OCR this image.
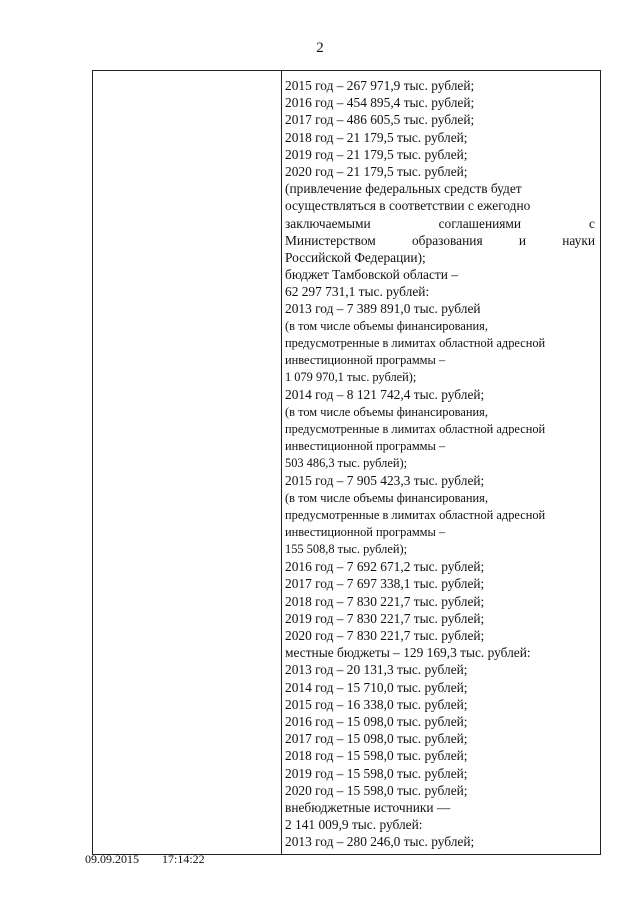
2
2015 год – 267 971,9 тыс. рублей;
2016 год – 454 895,4 тыс. рублей;
2017 год – 486 605,5 тыс. рублей;
2018 год – 21 179,5 тыс. рублей;
2019 год – 21 179,5 тыс. рублей;
2020 год – 21 179,5 тыс. рублей;
(привлечение федеральных средств будет
осуществляться в соответствии с ежегодно
заключаемыми	соглашениями	с
Министерством	образования	и	науки
Российской Федерации);
бюджет Тамбовской области –
62 297 731,1 тыс. рублей:
2013 год – 7 389 891,0 тыс. рублей
(в том числе объемы финансирования,
предусмотренные в лимитах областной адресной
инвестиционной программы –
1 079 970,1 тыс. рублей);
2014 год – 8 121 742,4 тыс. рублей;
(в том числе объемы финансирования,
предусмотренные в лимитах областной адресной
инвестиционной программы –
503 486,3 тыс. рублей);
2015 год – 7 905 423,3 тыс. рублей;
(в том числе объемы финансирования,
предусмотренные в лимитах областной адресной
инвестиционной программы –
155 508,8 тыс. рублей);
2016 год – 7 692 671,2 тыс. рублей;
2017 год – 7 697 338,1 тыс. рублей;
2018 год – 7 830 221,7 тыс. рублей;
2019 год – 7 830 221,7 тыс. рублей;
2020 год – 7 830 221,7 тыс. рублей;
местные бюджеты – 129 169,3 тыс. рублей:
2013 год – 20 131,3 тыс. рублей;
2014 год – 15 710,0 тыс. рублей;
2015 год – 16 338,0 тыс. рублей;
2016 год – 15 098,0 тыс. рублей;
2017 год – 15 098,0 тыс. рублей;
2018 год – 15 598,0 тыс. рублей;
2019 год – 15 598,0 тыс. рублей;
2020 год – 15 598,0 тыс. рублей;
внебюджетные источники —
2 141 009,9 тыс. рублей:
2013 год – 280 246,0 тыс. рублей;
09.09.2015 17:14:22
